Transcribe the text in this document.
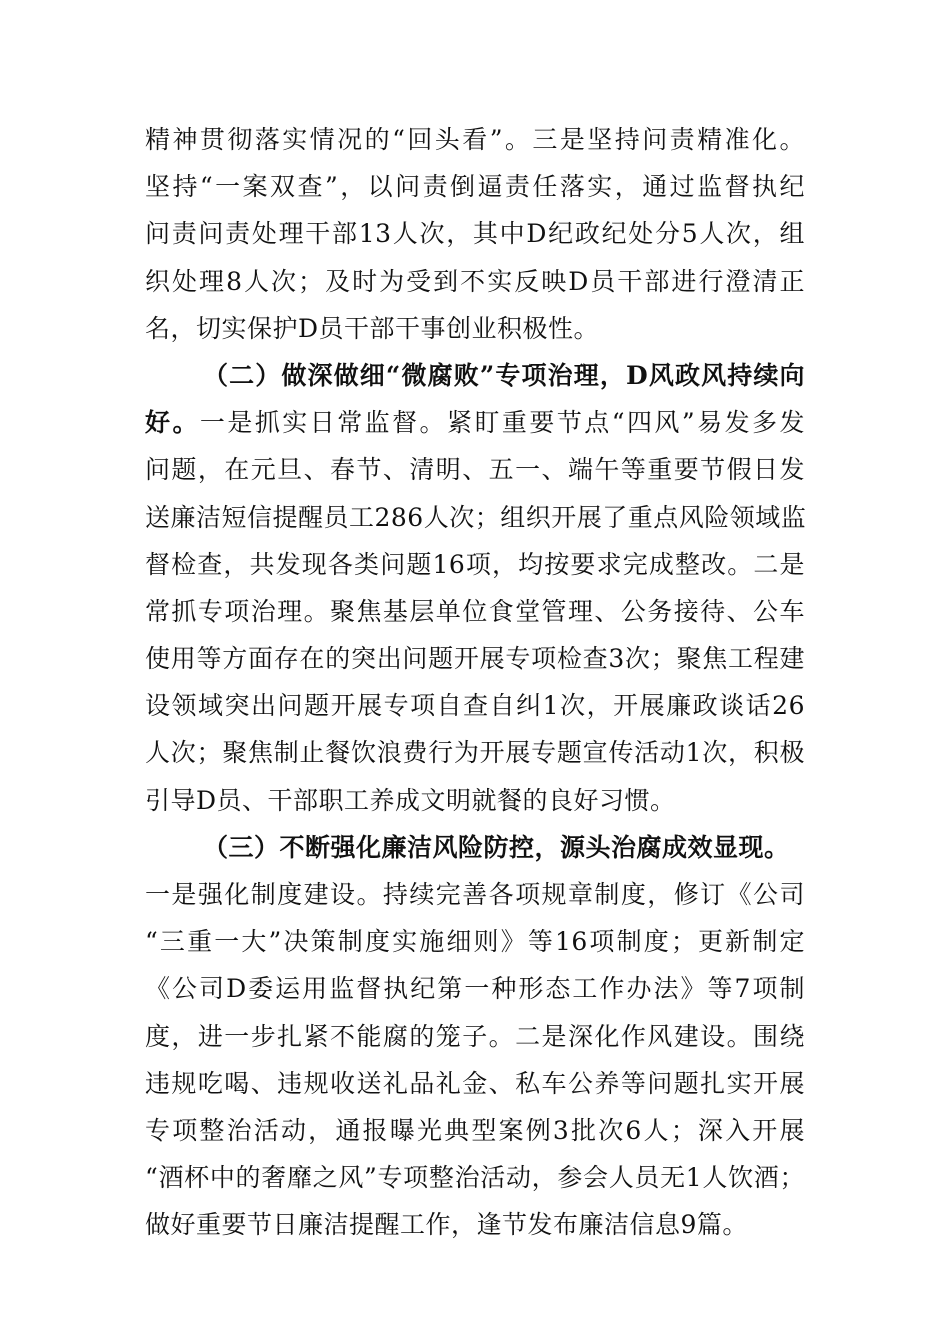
精神贯彻落实情况的“回头看”。三是坚持问责精准化。
坚持“一案双查”，以问责倒逼责任落实，通过监督执纪
问责问责处理干部13人次，其中D纪政纪处分5人次，组
织处理8人次；及时为受到不实反映D员干部进行澄清正
名，切实保护D员干部干事创业积极性。
（二）做深做细“微腐败”专项治理，D风政风持续向
好。一是抓实日常监督。紧盯重要节点“四风”易发多发
问题，在元旦、春节、清明、五一、端午等重要节假日发
送廉洁短信提醒员工286人次；组织开展了重点风险领域监
督检查，共发现各类问题16项，均按要求完成整改。二是
常抓专项治理。聚焦基层单位食堂管理、公务接待、公车
使用等方面存在的突出问题开展专项检查3次；聚焦工程建
设领域突出问题开展专项自查自纠1次，开展廉政谈话26
人次；聚焦制止餐饮浪费行为开展专题宣传活动1次，积极
引导D员、干部职工养成文明就餐的良好习惯。
（三）不断强化廉洁风险防控，源头治腐成效显现。
一是强化制度建设。持续完善各项规章制度，修订《公司
“三重一大”决策制度实施细则》等16项制度；更新制定
《公司D委运用监督执纪第一种形态工作办法》等7项制
度，进一步扎紧不能腐的笼子。二是深化作风建设。围绕
违规吃喝、违规收送礼品礼金、私车公养等问题扎实开展
专项整治活动，通报曝光典型案例3批次6人；深入开展
“酒杯中的奢靡之风”专项整治活动，参会人员无1人饮酒；
做好重要节日廉洁提醒工作，逢节发布廉洁信息9篇。
